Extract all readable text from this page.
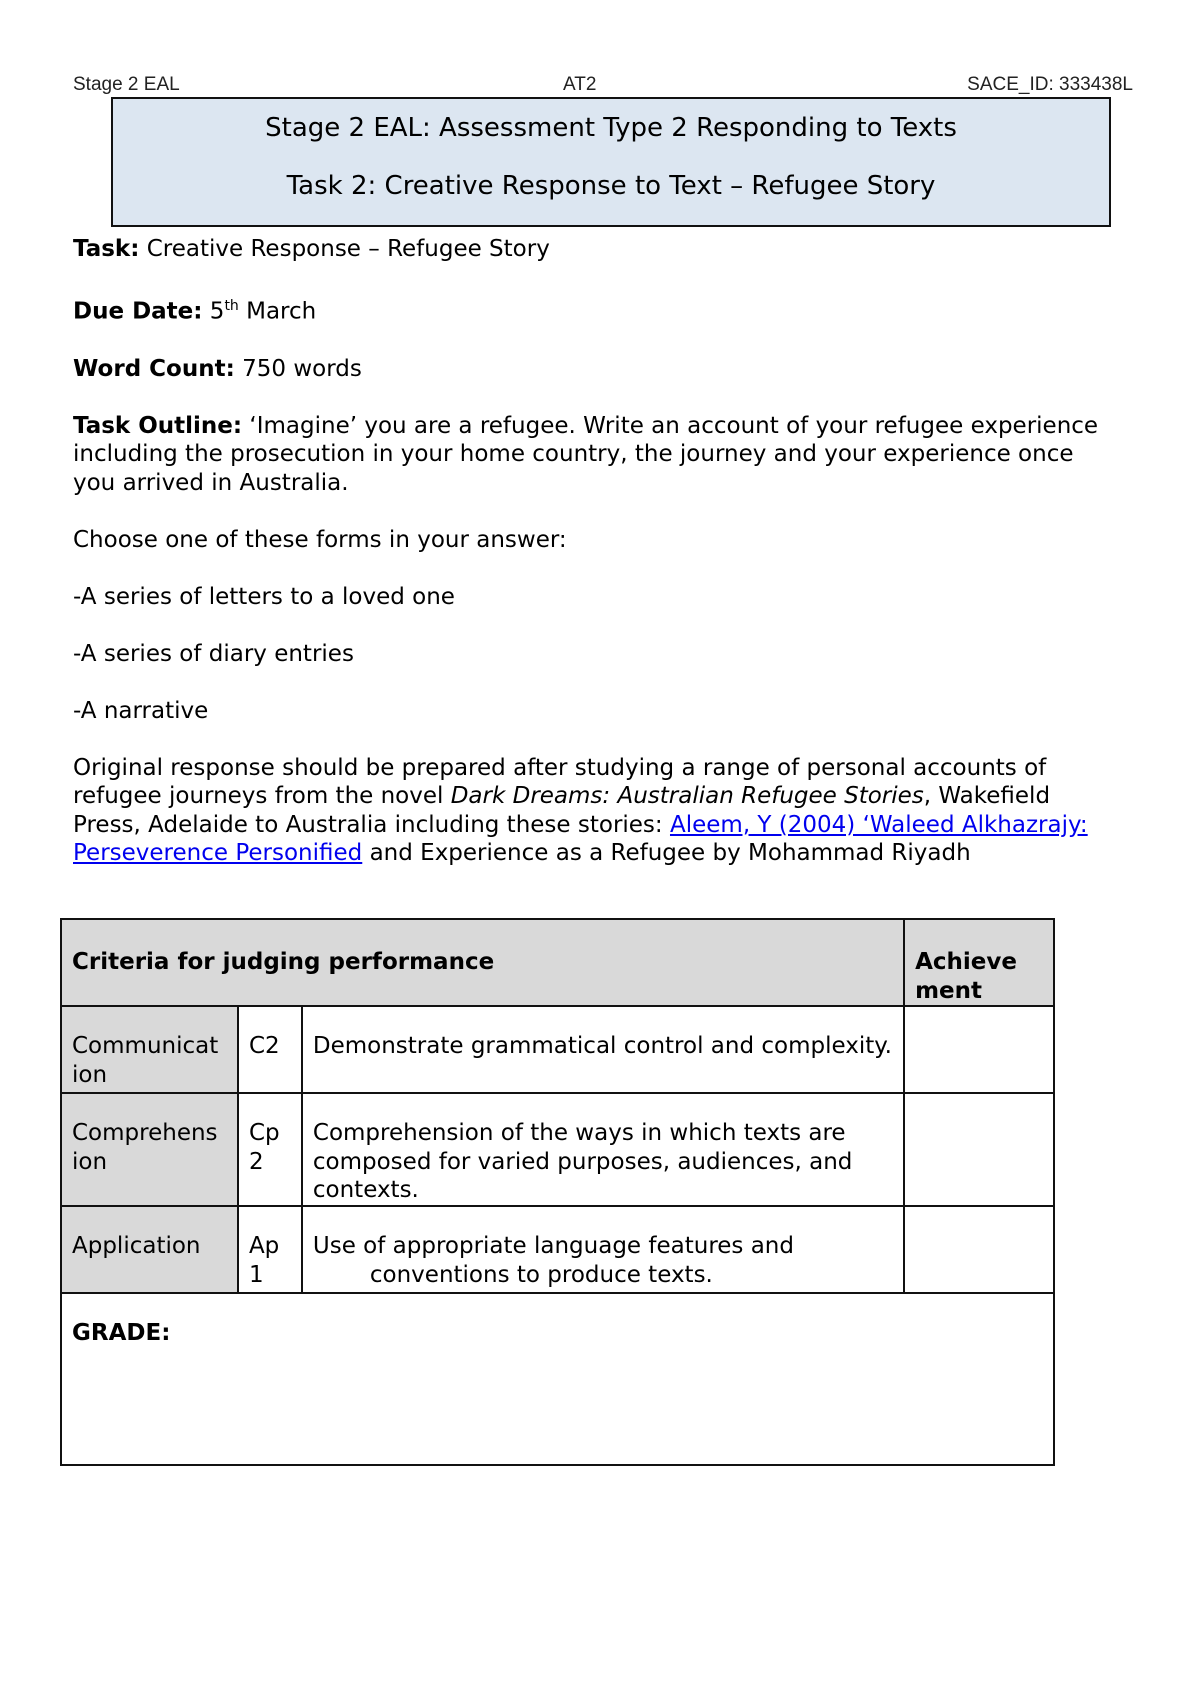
Stage 2 EAL	AT2	SACE_ID: 333438L
Stage 2 EAL: Assessment Type 2 Responding to Texts
Task 2: Creative Response to Text – Refugee Story

Task: Creative Response – Refugee Story

Due Date: 5th March

Word Count: 750 words

Task Outline: ‘Imagine’ you are a refugee. Write an account of your refugee experience including the prosecution in your home country, the journey and your experience once you arrived in Australia.

Choose one of these forms in your answer:

-A series of letters to a loved one

-A series of diary entries

-A narrative

Original response should be prepared after studying a range of personal accounts of refugee journeys from the novel Dark Dreams: Australian Refugee Stories, Wakefield Press, Adelaide to Australia including these stories: Aleem, Y (2004) ‘Waleed Alkhazrajy: Perseverence Personified and Experience as a Refugee by Mohammad Riyadh

Criteria for judging performance			Achieve ment
Communicat ion	C2	Demonstrate grammatical control and complexity.	
Comprehens ion	Cp 2	Comprehension of the ways in which texts are composed for varied purposes, audiences, and contexts.	
Application	Ap 1	Use of appropriate language features and
conventions to produce texts.	

GRADE:			
